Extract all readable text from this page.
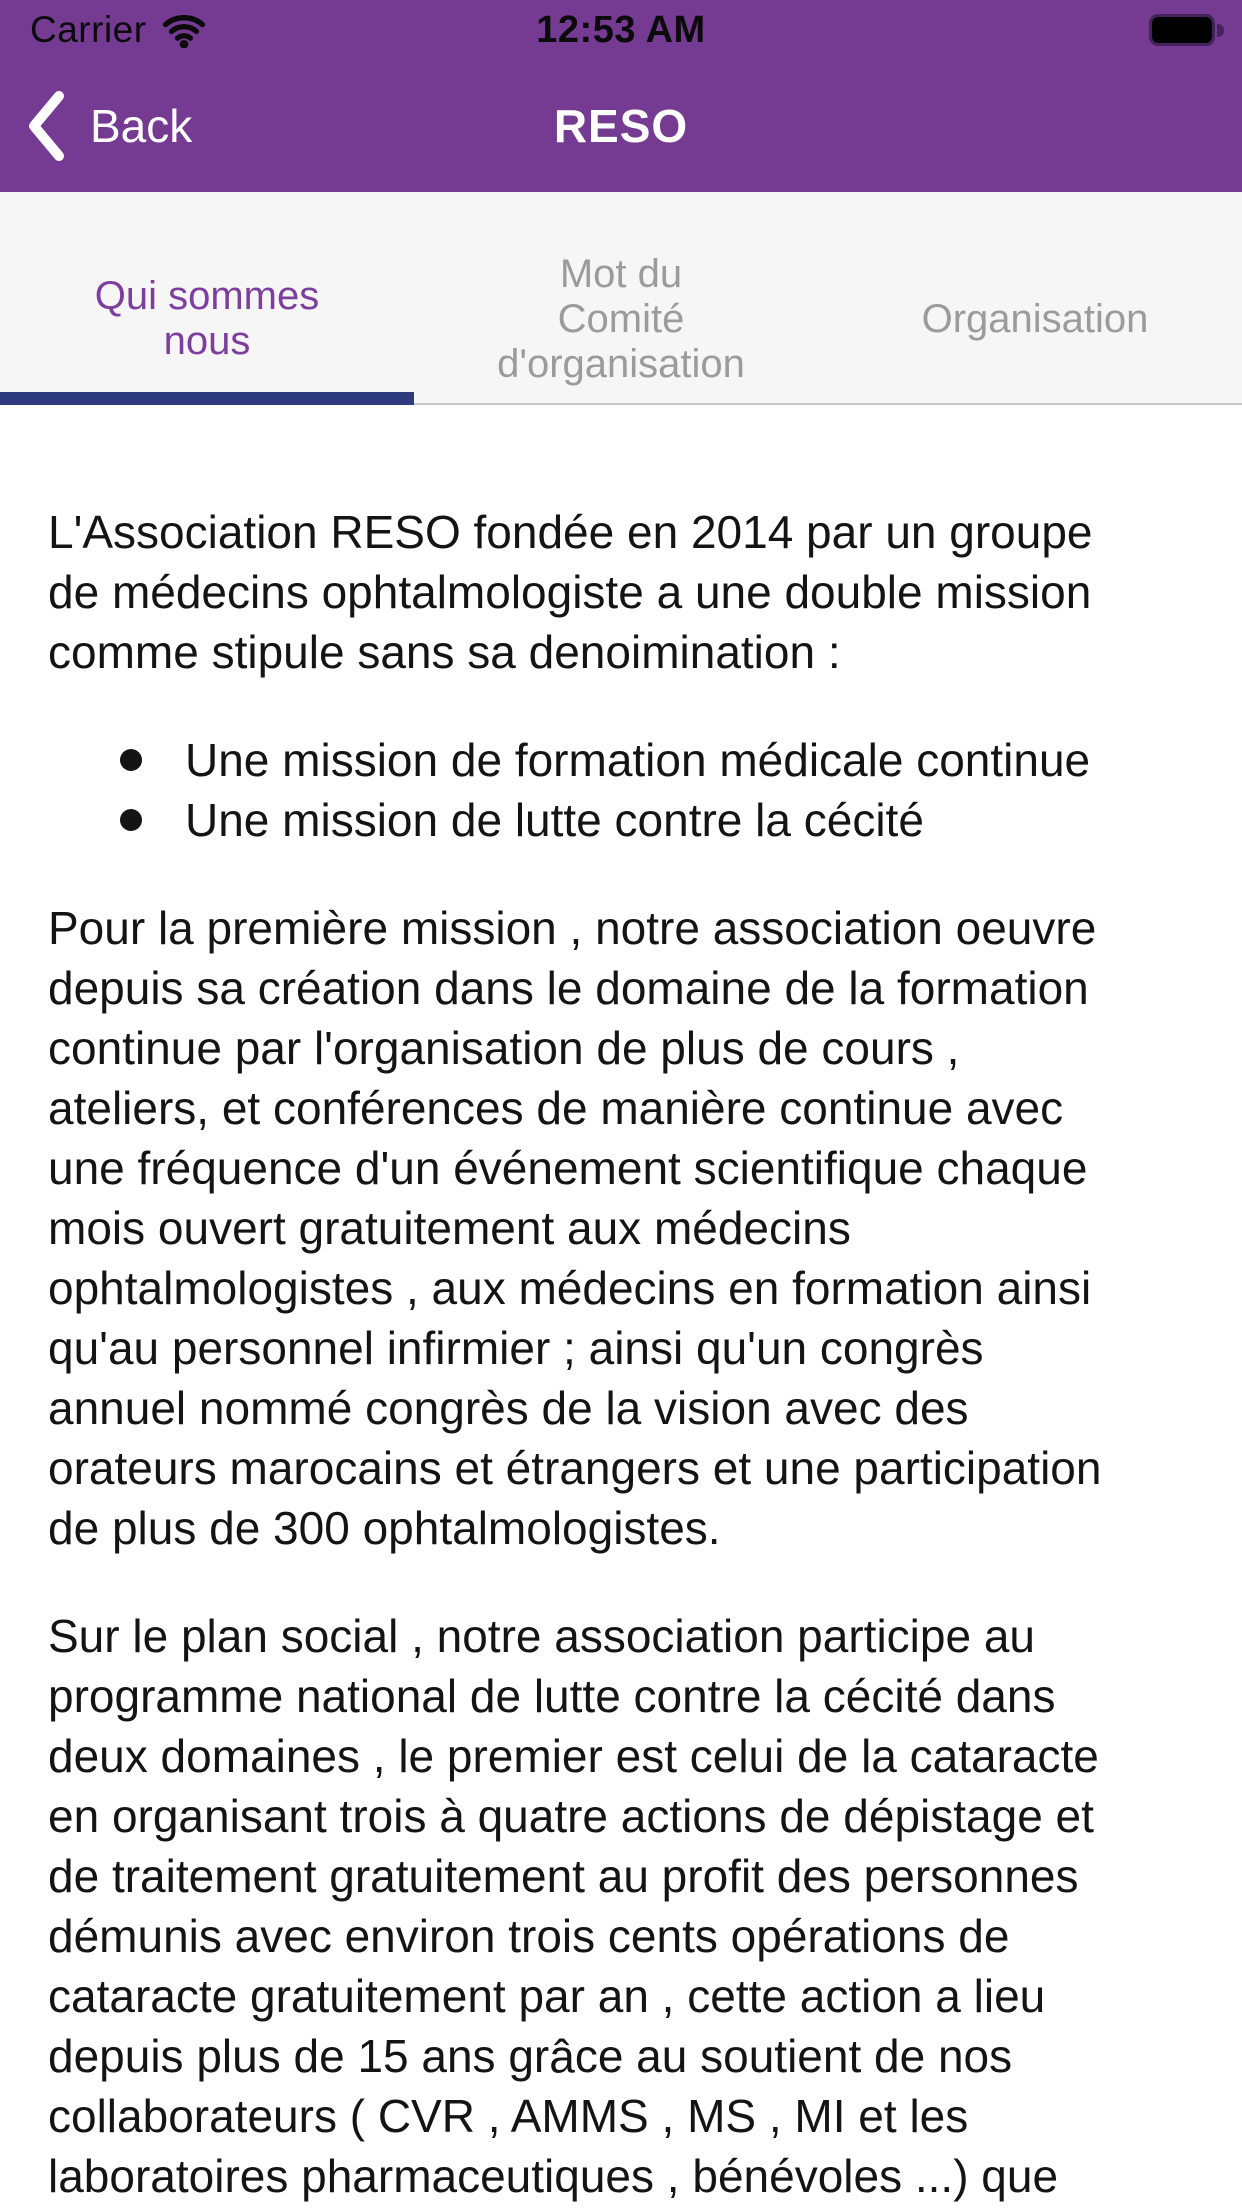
Carrier	12:53 AM
Back	RESO
Qui sommes
nous
Mot du
Comité
d'organisation
Organisation
L'Association RESO fondée en 2014 par un groupe
de médecins ophtalmologiste a une double mission
comme stipule sans sa denoimination :
Une mission de formation médicale continue
Une mission de lutte contre la cécité
Pour la première mission , notre association oeuvre
depuis sa création dans le domaine de la formation
continue par l'organisation de plus de cours ,
ateliers, et conférences de manière continue avec
une fréquence d'un événement scientifique chaque
mois ouvert gratuitement aux médecins
ophtalmologistes , aux médecins en formation ainsi
qu'au personnel infirmier ; ainsi qu'un congrès
annuel nommé congrès de la vision avec des
orateurs marocains et étrangers et une participation
de plus de 300 ophtalmologistes.
Sur le plan social , notre association participe au
programme national de lutte contre la cécité dans
deux domaines , le premier est celui de la cataracte
en organisant trois à quatre actions de dépistage et
de traitement gratuitement au profit des personnes
démunis avec environ trois cents opérations de
cataracte gratuitement par an , cette action a lieu
depuis plus de 15 ans grâce au soutient de nos
collaborateurs ( CVR , AMMS , MS , MI et les
laboratoires pharmaceutiques , bénévoles ...) que
